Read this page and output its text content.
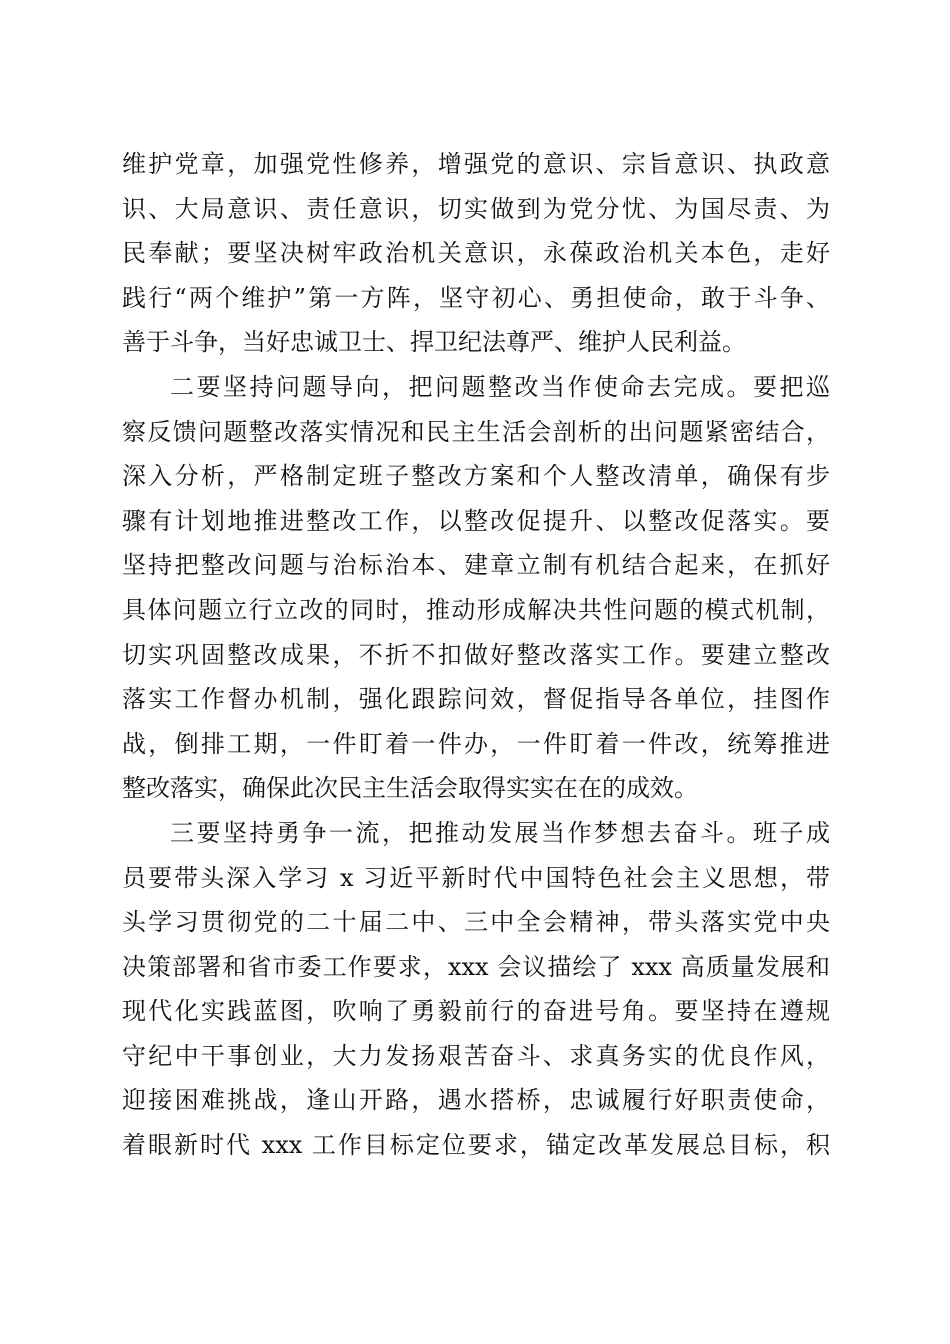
维护党章，加强党性修养，增强党的意识、宗旨意识、执政意
识、大局意识、责任意识，切实做到为党分忧、为国尽责、为
民奉献；要坚决树牢政治机关意识，永葆政治机关本色，走好
践行“两个维护”第一方阵，坚守初心、勇担使命，敢于斗争、
善于斗争，当好忠诚卫士、捍卫纪法尊严、维护人民利益。
二要坚持问题导向，把问题整改当作使命去完成。要把巡
察反馈问题整改落实情况和民主生活会剖析的出问题紧密结合，
深入分析，严格制定班子整改方案和个人整改清单，确保有步
骤有计划地推进整改工作，以整改促提升、以整改促落实。要
坚持把整改问题与治标治本、建章立制有机结合起来，在抓好
具体问题立行立改的同时，推动形成解决共性问题的模式机制，
切实巩固整改成果，不折不扣做好整改落实工作。要建立整改
落实工作督办机制，强化跟踪问效，督促指导各单位，挂图作
战，倒排工期，一件盯着一件办，一件盯着一件改，统筹推进
整改落实，确保此次民主生活会取得实实在在的成效。
三要坚持勇争一流，把推动发展当作梦想去奋斗。班子成
员要带头深入学习 x 习近平新时代中国特色社会主义思想，带
头学习贯彻党的二十届二中、三中全会精神，带头落实党中央
决策部署和省市委工作要求，xxx 会议描绘了 xxx 高质量发展和
现代化实践蓝图，吹响了勇毅前行的奋进号角。要坚持在遵规
守纪中干事创业，大力发扬艰苦奋斗、求真务实的优良作风，
迎接困难挑战，逢山开路，遇水搭桥，忠诚履行好职责使命，
着眼新时代 xxx 工作目标定位要求，锚定改革发展总目标，积
